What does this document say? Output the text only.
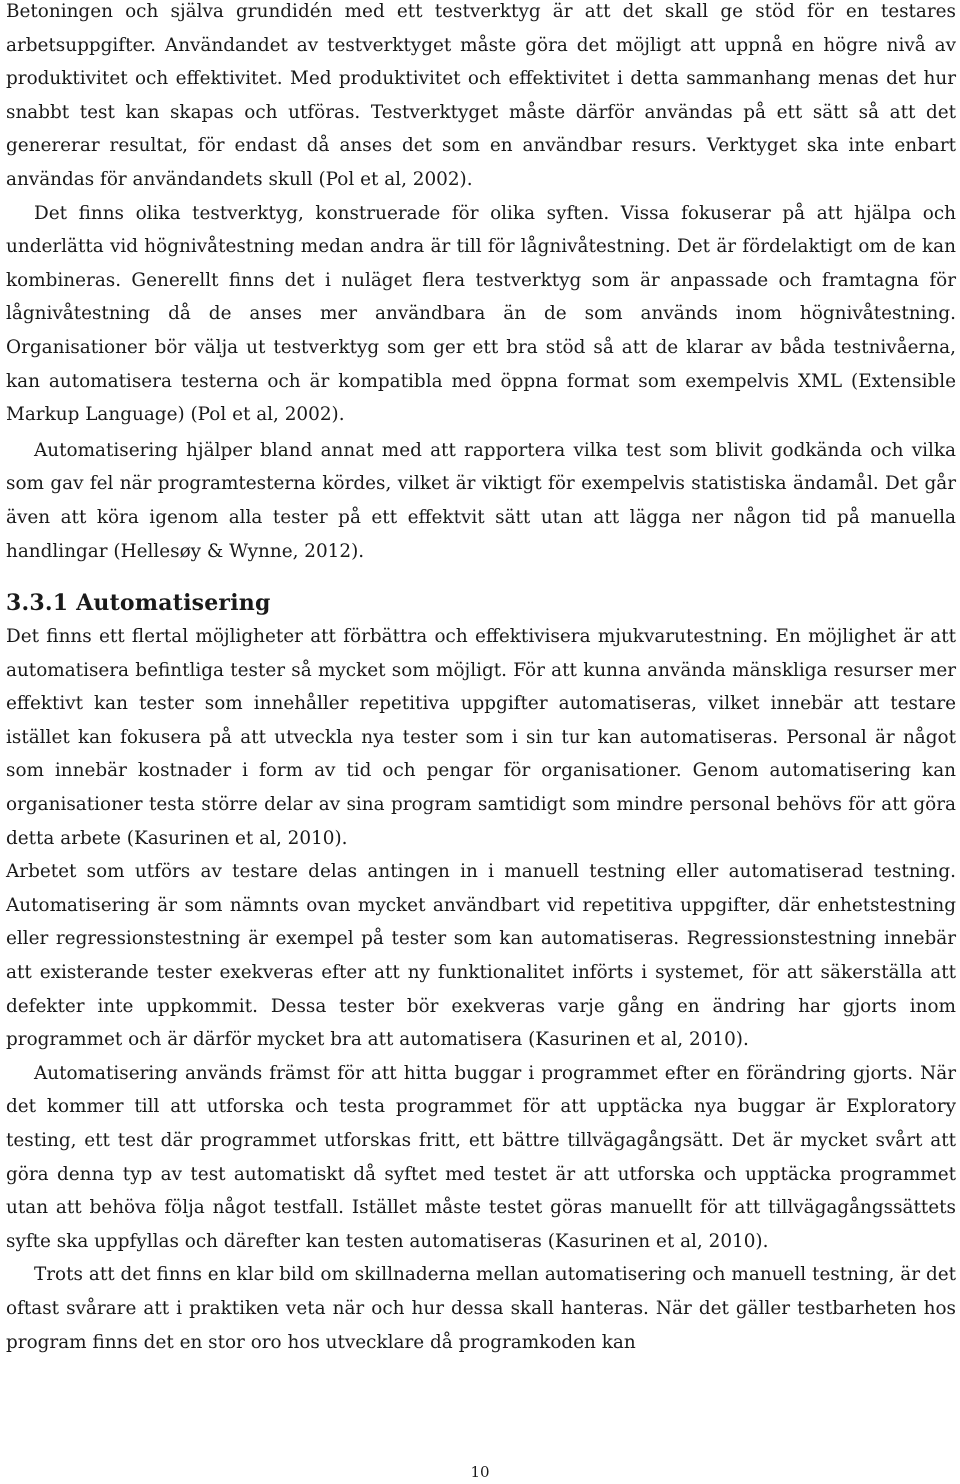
Betoningen och själva grundidén med ett testverktyg är att det skall ge stöd för en testares arbetsuppgifter. Användandet av testverktyget måste göra det möjligt att uppnå en högre nivå av produktivitet och effektivitet. Med produktivitet och effektivitet i detta sammanhang menas det hur snabbt test kan skapas och utföras. Testverktyget måste därför användas på ett sätt så att det genererar resultat, för endast då anses det som en användbar resurs. Verktyget ska inte enbart användas för användandets skull (Pol et al, 2002).

Det finns olika testverktyg, konstruerade för olika syften. Vissa fokuserar på att hjälpa och underlätta vid högnivåtestning medan andra är till för lågnivåtestning. Det är fördelaktigt om de kan kombineras. Generellt finns det i nuläget flera testverktyg som är anpassade och framtagna för lågnivåtestning då de anses mer användbara än de som används inom högnivåtestning. Organisationer bör välja ut testverktyg som ger ett bra stöd så att de klarar av båda testnivåerna, kan automatisera testerna och är kompatibla med öppna format som exempelvis XML (Extensible Markup Language) (Pol et al, 2002).

Automatisering hjälper bland annat med att rapportera vilka test som blivit godkända och vilka som gav fel när programtesterna kördes, vilket är viktigt för exempelvis statistiska ändamål. Det går även att köra igenom alla tester på ett effektvit sätt utan att lägga ner någon tid på manuella handlingar (Hellesøy & Wynne, 2012).

3.3.1 Automatisering

Det finns ett flertal möjligheter att förbättra och effektivisera mjukvarutestning. En möjlighet är att automatisera befintliga tester så mycket som möjligt. För att kunna använda mänskliga resurser mer effektivt kan tester som innehåller repetitiva uppgifter automatiseras, vilket innebär att testare istället kan fokusera på att utveckla nya tester som i sin tur kan automatiseras. Personal är något som innebär kostnader i form av tid och pengar för organisationer. Genom automatisering kan organisationer testa större delar av sina program samtidigt som mindre personal behövs för att göra detta arbete (Kasurinen et al, 2010).

Arbetet som utförs av testare delas antingen in i manuell testning eller automatiserad testning. Automatisering är som nämnts ovan mycket användbart vid repetitiva uppgifter, där enhetstestning eller regressionstestning är exempel på tester som kan automatiseras. Regressionstestning innebär att existerande tester exekveras efter att ny funktionalitet införts i systemet, för att säkerställa att defekter inte uppkommit. Dessa tester bör exekveras varje gång en ändring har gjorts inom programmet och är därför mycket bra att automatisera (Kasurinen et al, 2010).

Automatisering används främst för att hitta buggar i programmet efter en förändring gjorts. När det kommer till att utforska och testa programmet för att upptäcka nya buggar är Exploratory testing, ett test där programmet utforskas fritt, ett bättre tillvägagångsätt. Det är mycket svårt att göra denna typ av test automatiskt då syftet med testet är att utforska och upptäcka programmet utan att behöva följa något testfall. Istället måste testet göras manuellt för att tillvägagångssättets syfte ska uppfyllas och därefter kan testen automatiseras (Kasurinen et al, 2010).

Trots att det finns en klar bild om skillnaderna mellan automatisering och manuell testning, är det oftast svårare att i praktiken veta när och hur dessa skall hanteras. När det gäller testbarheten hos program finns det en stor oro hos utvecklare då programkoden kan

10
